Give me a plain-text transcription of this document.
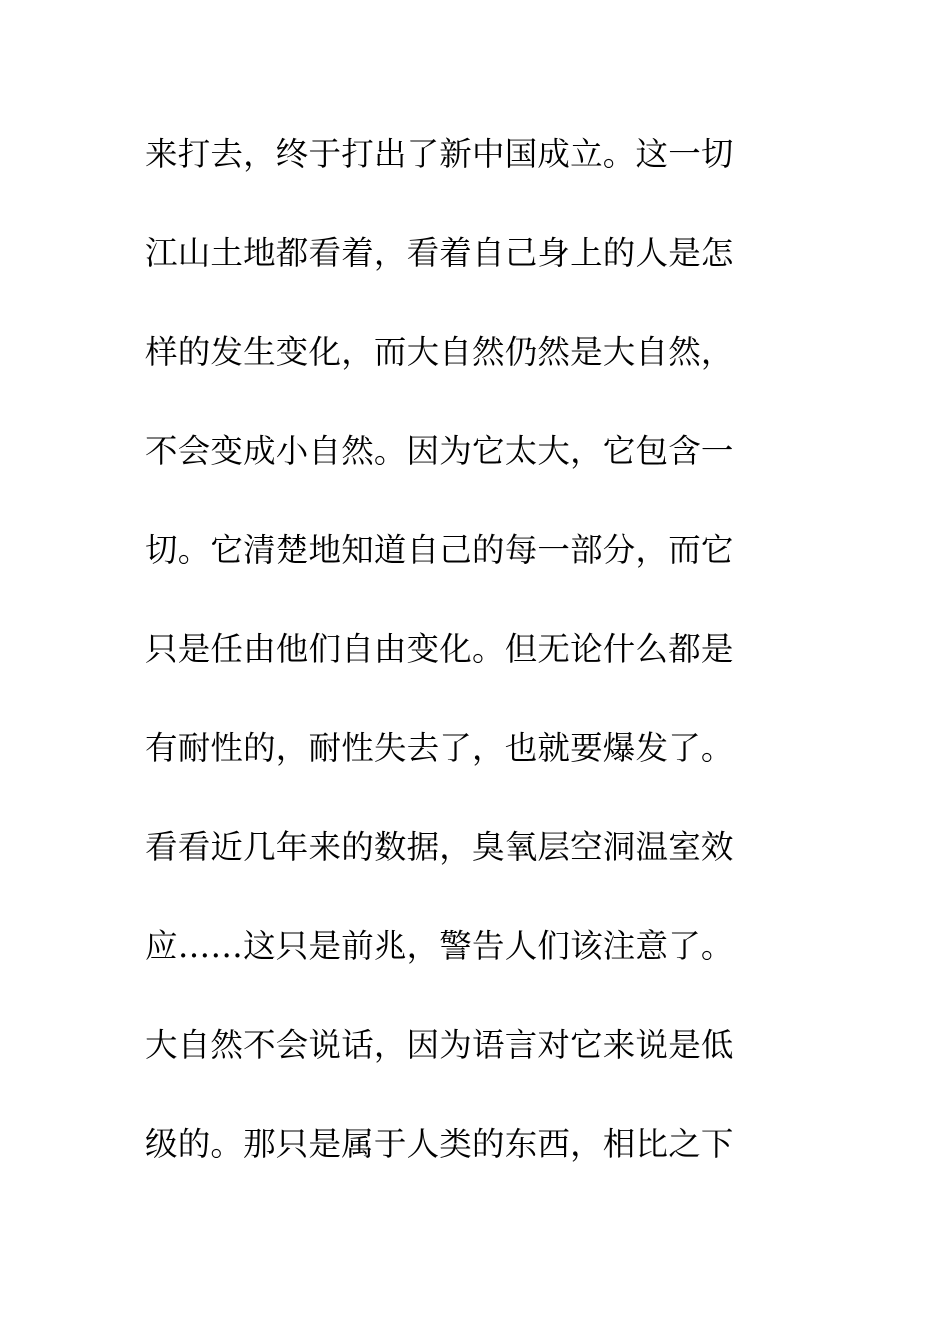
来打去，终于打出了新中国成立。这一切
江山土地都看着，看着自己身上的人是怎
样的发生变化，而大自然仍然是大自然，
不会变成小自然。因为它太大，它包含一
切。它清楚地知道自己的每一部分，而它
只是任由他们自由变化。但无论什么都是
有耐性的，耐性失去了，也就要爆发了。
看看近几年来的数据，臭氧层空洞温室效
应……这只是前兆，警告人们该注意了。
大自然不会说话，因为语言对它来说是低
级的。那只是属于人类的东西，相比之下
